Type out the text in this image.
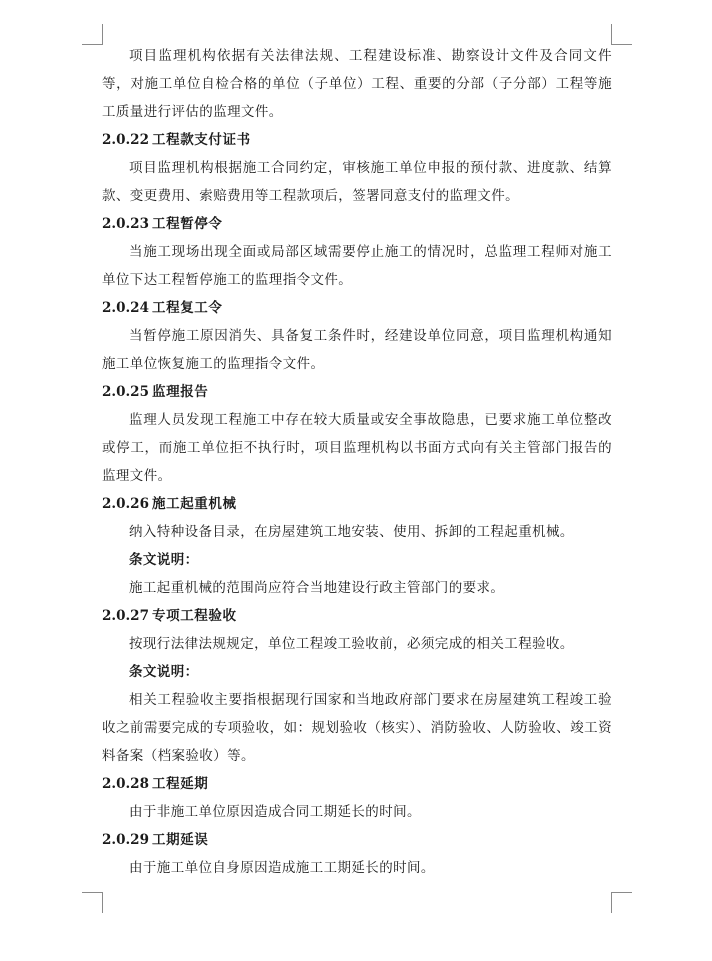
项目监理机构依据有关法律法规、工程建设标准、勘察设计文件及合同文件等，对施工单位自检合格的单位（子单位）工程、重要的分部（子分部）工程等施工质量进行评估的监理文件。

2.0.22 工程款支付证书

项目监理机构根据施工合同约定，审核施工单位申报的预付款、进度款、结算款、变更费用、索赔费用等工程款项后，签署同意支付的监理文件。

2.0.23 工程暂停令

当施工现场出现全面或局部区域需要停止施工的情况时，总监理工程师对施工单位下达工程暂停施工的监理指令文件。

2.0.24 工程复工令

当暂停施工原因消失、具备复工条件时，经建设单位同意，项目监理机构通知施工单位恢复施工的监理指令文件。

2.0.25 监理报告

监理人员发现工程施工中存在较大质量或安全事故隐患，已要求施工单位整改或停工，而施工单位拒不执行时，项目监理机构以书面方式向有关主管部门报告的监理文件。

2.0.26 施工起重机械

纳入特种设备目录，在房屋建筑工地安装、使用、拆卸的工程起重机械。

条文说明：

施工起重机械的范围尚应符合当地建设行政主管部门的要求。

2.0.27 专项工程验收

按现行法律法规规定，单位工程竣工验收前，必须完成的相关工程验收。

条文说明：

相关工程验收主要指根据现行国家和当地政府部门要求在房屋建筑工程竣工验收之前需要完成的专项验收，如：规划验收（核实）、消防验收、人防验收、竣工资料备案（档案验收）等。

2.0.28 工程延期

由于非施工单位原因造成合同工期延长的时间。

2.0.29 工期延误

由于施工单位自身原因造成施工工期延长的时间。
